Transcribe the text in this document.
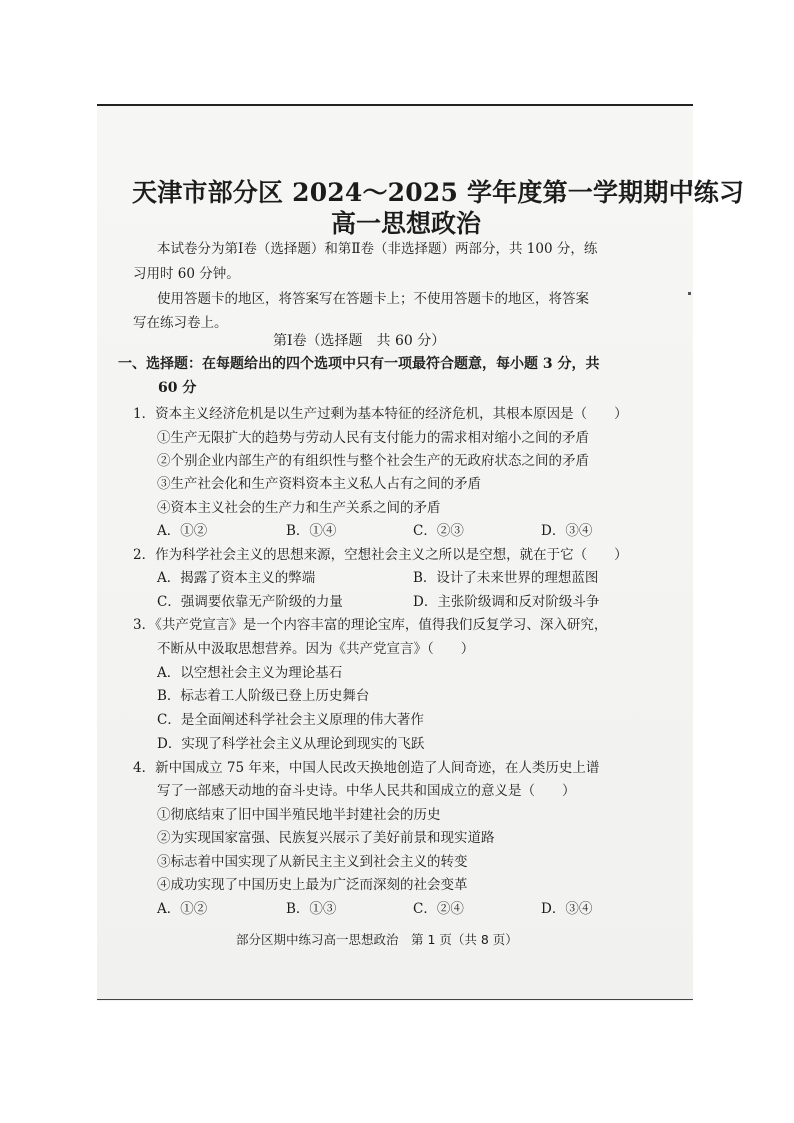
天津市部分区 2024～2025 学年度第一学期期中练习

高一思想政治

本试卷分为第Ⅰ卷（选择题）和第Ⅱ卷（非选择题）两部分，共 100 分，练

习用时 60 分钟。

使用答题卡的地区，将答案写在答题卡上；不使用答题卡的地区，将答案

写在练习卷上。

第Ⅰ卷（选择题　共 60 分）

一、选择题：在每题给出的四个选项中只有一项最符合题意，每小题 3 分，共

60 分

1．资本主义经济危机是以生产过剩为基本特征的经济危机，其根本原因是（　　）

①生产无限扩大的趋势与劳动人民有支付能力的需求相对缩小之间的矛盾

②个别企业内部生产的有组织性与整个社会生产的无政府状态之间的矛盾

③生产社会化和生产资料资本主义私人占有之间的矛盾

④资本主义社会的生产力和生产关系之间的矛盾

A．①②	B．①④	C．②③	D．③④

2．作为科学社会主义的思想来源，空想社会主义之所以是空想，就在于它（　　）

A．揭露了资本主义的弊端	B．设计了未来世界的理想蓝图

C．强调要依靠无产阶级的力量	D．主张阶级调和反对阶级斗争

3．《共产党宣言》是一个内容丰富的理论宝库，值得我们反复学习、深入研究，

不断从中汲取思想营养。因为《共产党宣言》（　　）

A．以空想社会主义为理论基石

B．标志着工人阶级已登上历史舞台

C．是全面阐述科学社会主义原理的伟大著作

D．实现了科学社会主义从理论到现实的飞跃

4．新中国成立 75 年来，中国人民改天换地创造了人间奇迹，在人类历史上谱

写了一部感天动地的奋斗史诗。中华人民共和国成立的意义是（　　）

①彻底结束了旧中国半殖民地半封建社会的历史

②为实现国家富强、民族复兴展示了美好前景和现实道路

③标志着中国实现了从新民主主义到社会主义的转变

④成功实现了中国历史上最为广泛而深刻的社会变革

A．①②	B．①③	C．②④	D．③④

部分区期中练习高一思想政治　第 1 页（共 8 页）
